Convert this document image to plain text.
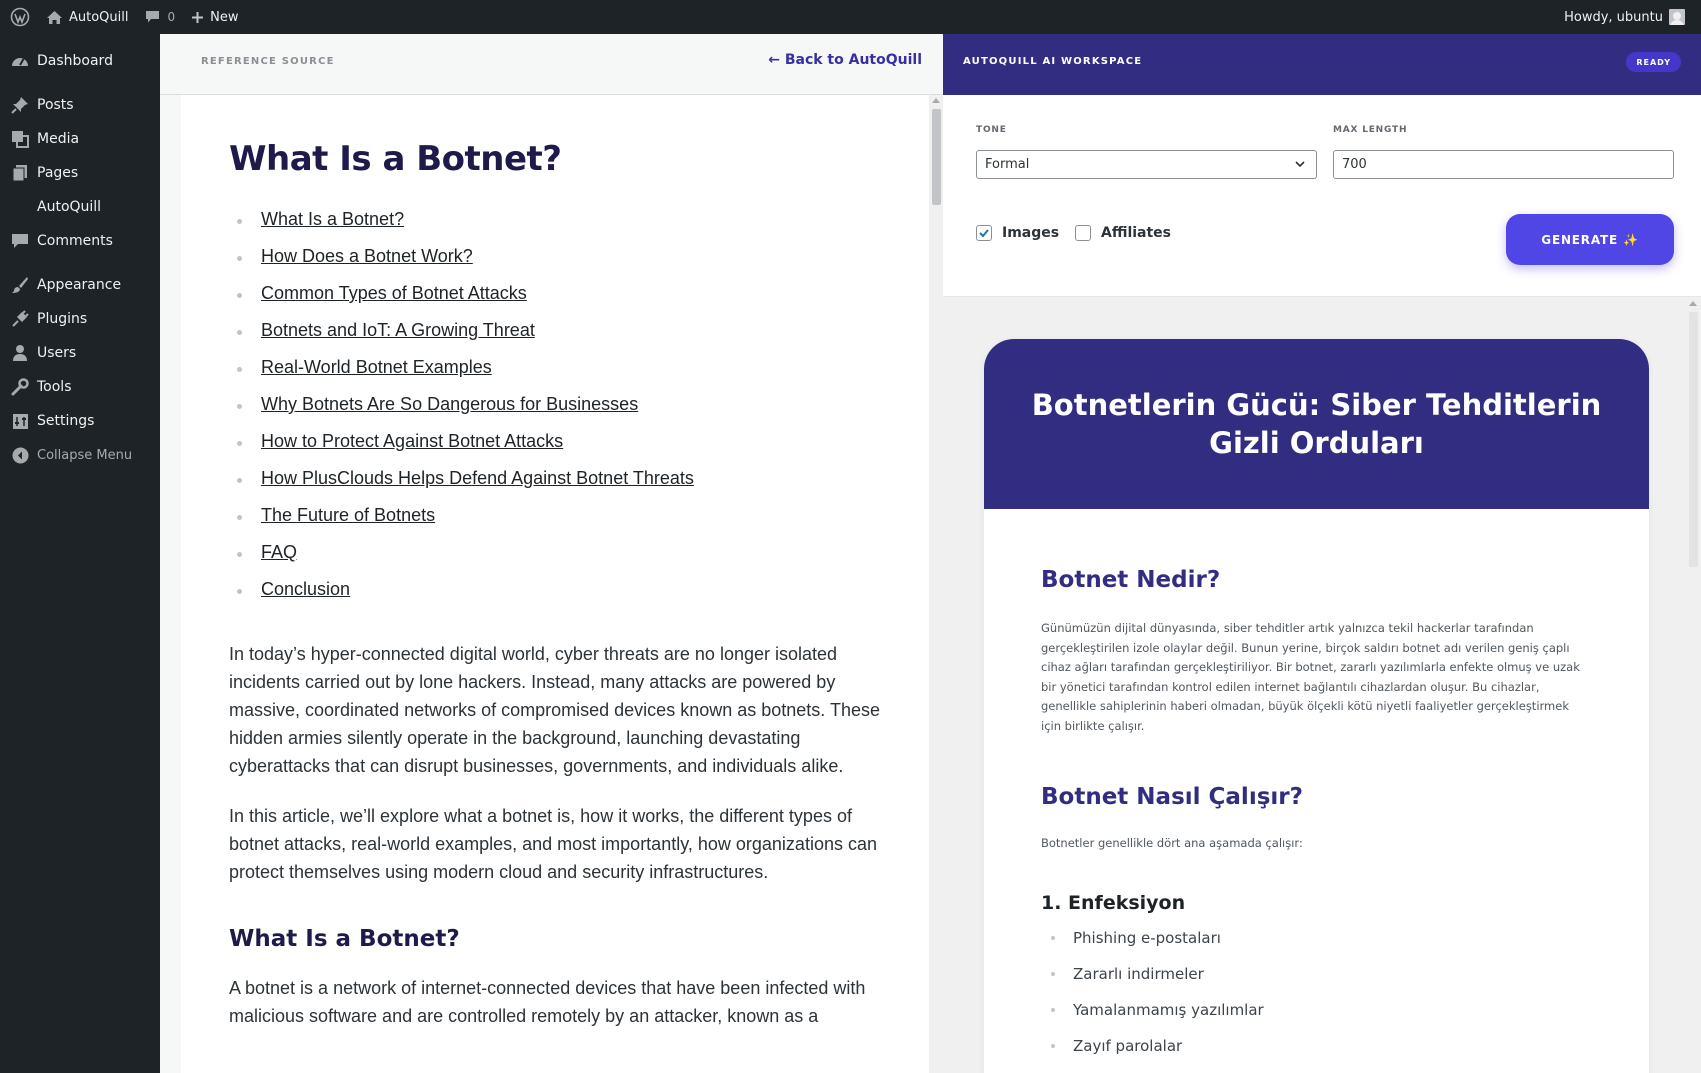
AutoQuill	0	New	Howdy, ubuntu
Dashboard
Posts
Media
Pages
AutoQuill
Comments
Appearance
Plugins
Users
Tools
Settings
Collapse Menu
REFERENCE SOURCE	← Back to AutoQuill
What Is a Botnet?
What Is a Botnet?
How Does a Botnet Work?
Common Types of Botnet Attacks
Botnets and IoT: A Growing Threat
Real-World Botnet Examples
Why Botnets Are So Dangerous for Businesses
How to Protect Against Botnet Attacks
How PlusClouds Helps Defend Against Botnet Threats
The Future of Botnets
FAQ
Conclusion

In today’s hyper-connected digital world, cyber threats are no longer isolated incidents carried out by lone hackers. Instead, many attacks are powered by massive, coordinated networks of compromised devices known as botnets. These hidden armies silently operate in the background, launching devastating cyberattacks that can disrupt businesses, governments, and individuals alike.

In this article, we’ll explore what a botnet is, how it works, the different types of botnet attacks, real-world examples, and most importantly, how organizations can protect themselves using modern cloud and security infrastructures.

What Is a Botnet?

A botnet is a network of internet-connected devices that have been infected with malicious software and are controlled remotely by an attacker, known as a

AUTOQUILL AI WORKSPACE	READY
TONE
Formal
MAX LENGTH
700
Images	Affiliates	GENERATE ✨
Botnetlerin Gücü: Siber Tehditlerin Gizli Orduları
Botnet Nedir?

Günümüzün dijital dünyasında, siber tehditler artık yalnızca tekil hackerlar tarafından gerçekleştirilen izole olaylar değil. Bunun yerine, birçok saldırı botnet adı verilen geniş çaplı cihaz ağları tarafından gerçekleştiriliyor. Bir botnet, zararlı yazılımlarla enfekte olmuş ve uzak bir yönetici tarafından kontrol edilen internet bağlantılı cihazlardan oluşur. Bu cihazlar, genellikle sahiplerinin haberi olmadan, büyük ölçekli kötü niyetli faaliyetler gerçekleştirmek için birlikte çalışır.

Botnet Nasıl Çalışır?

Botnetler genellikle dört ana aşamada çalışır:

1. Enfeksiyon
Phishing e-postaları
Zararlı indirmeler
Yamalanmamış yazılımlar
Zayıf parolalar
